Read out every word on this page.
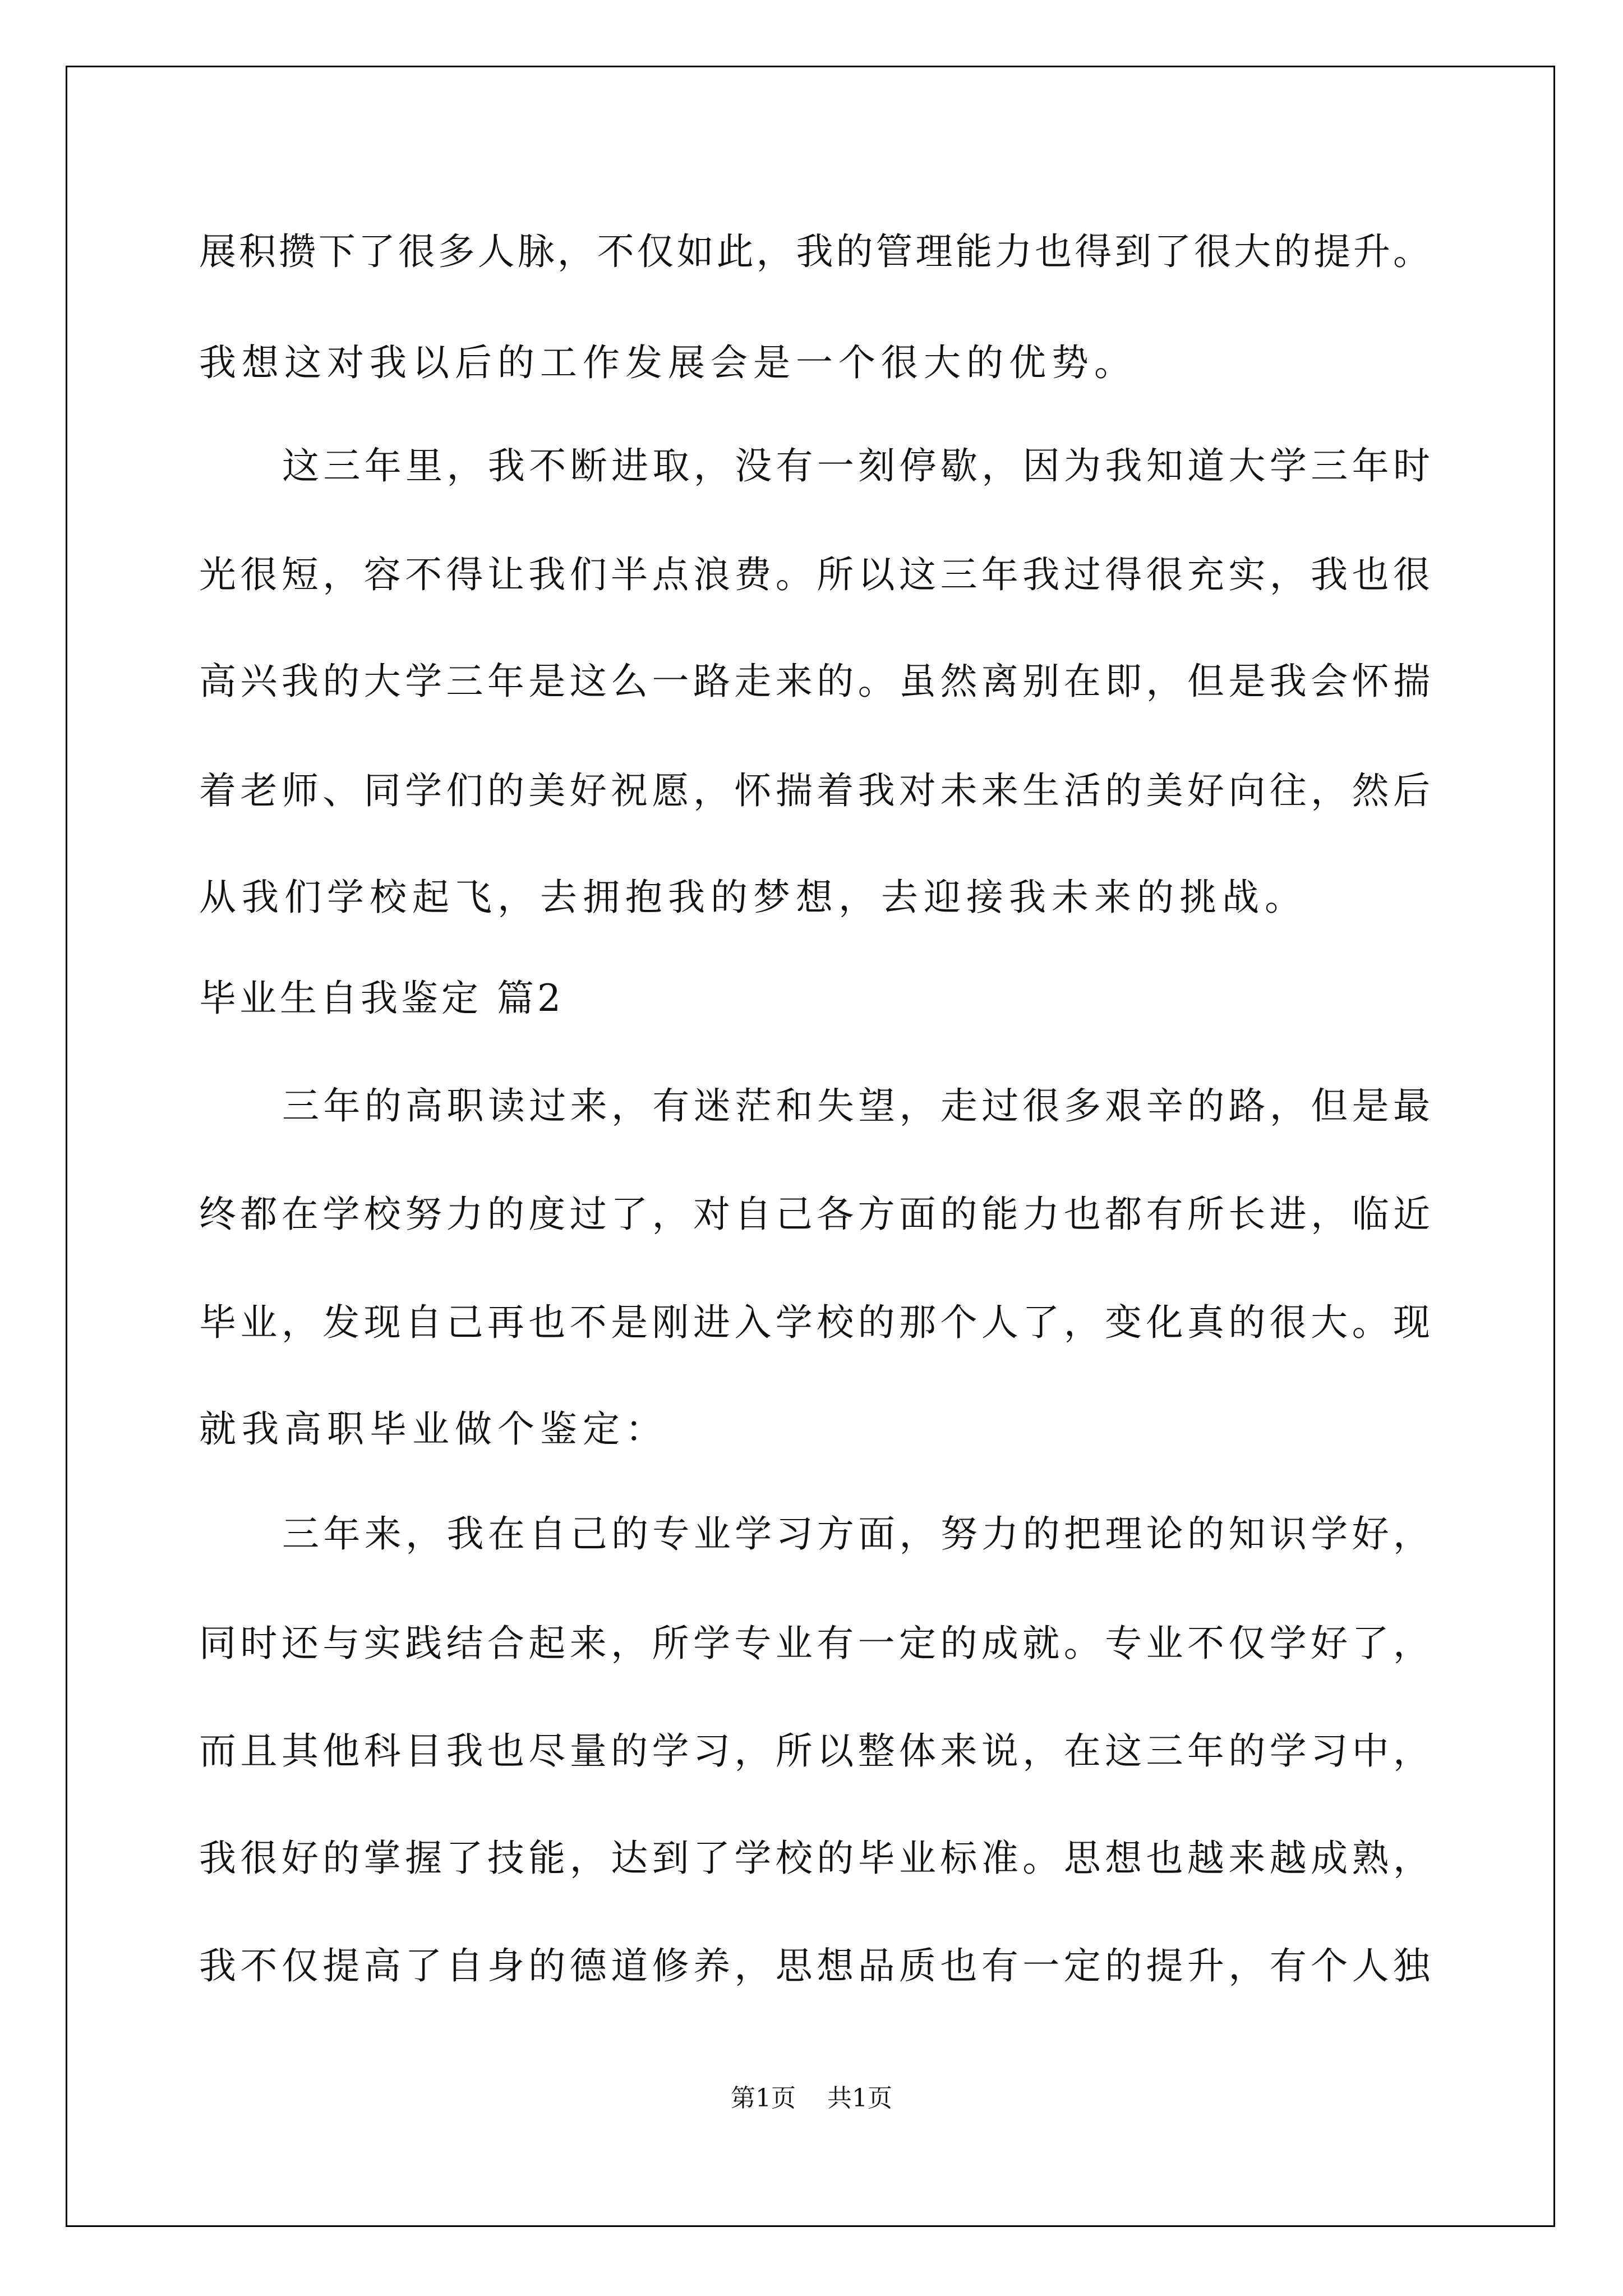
展积攒下了很多人脉，不仅如此，我的管理能力也得到了很大的提升。
我想这对我以后的工作发展会是一个很大的优势。
这三年里，我不断进取，没有一刻停歇，因为我知道大学三年时
光很短，容不得让我们半点浪费。所以这三年我过得很充实，我也很
高兴我的大学三年是这么一路走来的。虽然离别在即，但是我会怀揣
着老师、同学们的美好祝愿，怀揣着我对未来生活的美好向往，然后
从我们学校起飞，去拥抱我的梦想，去迎接我未来的挑战。
毕业生自我鉴定 篇2
三年的高职读过来，有迷茫和失望，走过很多艰辛的路，但是最
终都在学校努力的度过了，对自己各方面的能力也都有所长进，临近
毕业，发现自己再也不是刚进入学校的那个人了，变化真的很大。现
就我高职毕业做个鉴定：
三年来，我在自己的专业学习方面，努力的把理论的知识学好，
同时还与实践结合起来，所学专业有一定的成就。专业不仅学好了，
而且其他科目我也尽量的学习，所以整体来说，在这三年的学习中，
我很好的掌握了技能，达到了学校的毕业标准。思想也越来越成熟，
我不仅提高了自身的德道修养，思想品质也有一定的提升，有个人独
第1页 共1页
